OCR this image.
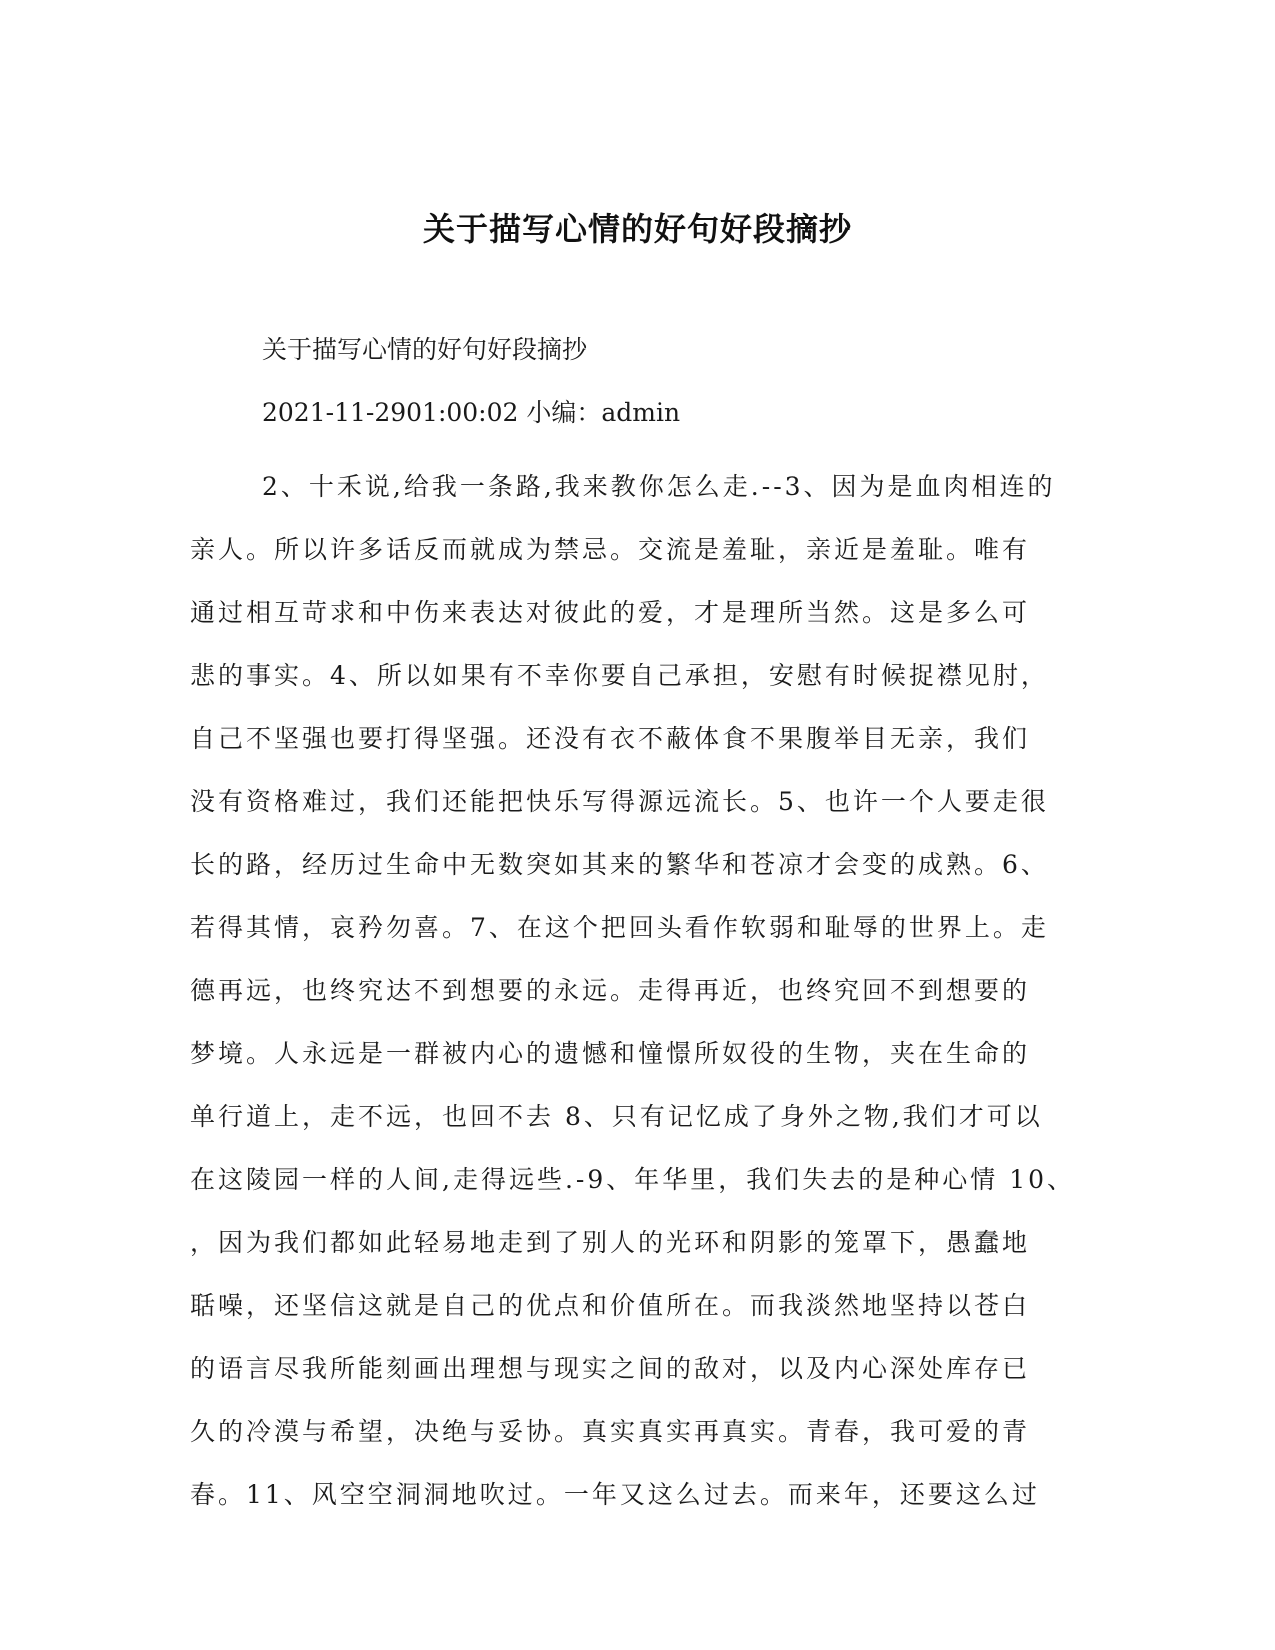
关于描写心情的好句好段摘抄

关于描写心情的好句好段摘抄

2021-11-2901:00:02 小编：admin

2、十禾说,给我一条路,我来教你怎么走.--3、因为是血肉相连的
亲人。所以许多话反而就成为禁忌。交流是羞耻，亲近是羞耻。唯有
通过相互苛求和中伤来表达对彼此的爱，才是理所当然。这是多么可
悲的事实。4、所以如果有不幸你要自己承担，安慰有时候捉襟见肘，
自己不坚强也要打得坚强。还没有衣不蔽体食不果腹举目无亲，我们
没有资格难过，我们还能把快乐写得源远流长。5、也许一个人要走很
长的路，经历过生命中无数突如其来的繁华和苍凉才会变的成熟。6、
若得其情，哀矜勿喜。7、在这个把回头看作软弱和耻辱的世界上。走
德再远，也终究达不到想要的永远。走得再近，也终究回不到想要的
梦境。人永远是一群被内心的遗憾和憧憬所奴役的生物，夹在生命的
单行道上，走不远，也回不去 8、只有记忆成了身外之物,我们才可以
在这陵园一样的人间,走得远些.-9、年华里，我们失去的是种心情 10、
，因为我们都如此轻易地走到了别人的光环和阴影的笼罩下，愚蠢地
聒噪，还坚信这就是自己的优点和价值所在。而我淡然地坚持以苍白
的语言尽我所能刻画出理想与现实之间的敌对，以及内心深处库存已
久的冷漠与希望，决绝与妥协。真实真实再真实。青春，我可爱的青
春。11、风空空洞洞地吹过。一年又这么过去。而来年，还要这么过
